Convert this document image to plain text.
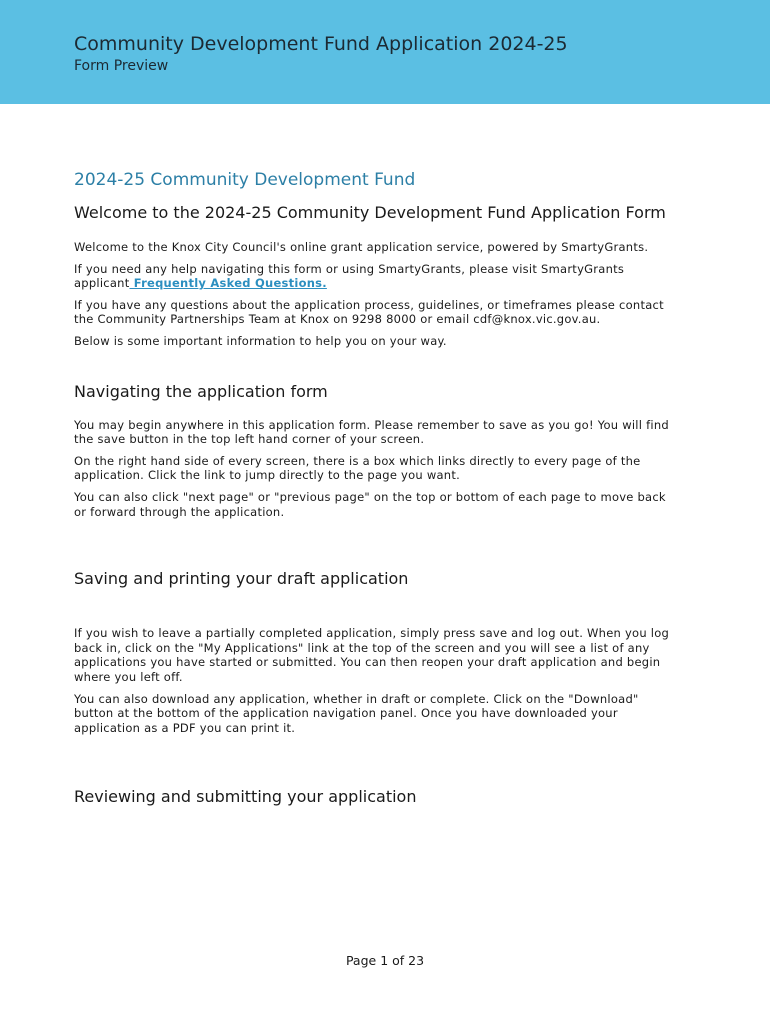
Community Development Fund Application 2024-25
Form Preview
2024-25 Community Development Fund
Welcome to the 2024-25 Community Development Fund Application Form

Welcome to the Knox City Council's online grant application service, powered by SmartyGrants.

If you need any help navigating this form or using SmartyGrants, please visit SmartyGrants applicant Frequently Asked Questions.

If you have any questions about the application process, guidelines, or timeframes please contact the Community Partnerships Team at Knox on 9298 8000 or email cdf@knox.vic.gov.au.

Below is some important information to help you on your way.

Navigating the application form

You may begin anywhere in this application form. Please remember to save as you go! You will find the save button in the top left hand corner of your screen.

On the right hand side of every screen, there is a box which links directly to every page of the application. Click the link to jump directly to the page you want.

You can also click "next page" or "previous page" on the top or bottom of each page to move back or forward through the application.

Saving and printing your draft application

If you wish to leave a partially completed application, simply press save and log out. When you log back in, click on the "My Applications" link at the top of the screen and you will see a list of any applications you have started or submitted. You can then reopen your draft application and begin where you left off.

You can also download any application, whether in draft or complete. Click on the "Download" button at the bottom of the application navigation panel. Once you have downloaded your application as a PDF you can print it.

Reviewing and submitting your application
Page 1 of 23
